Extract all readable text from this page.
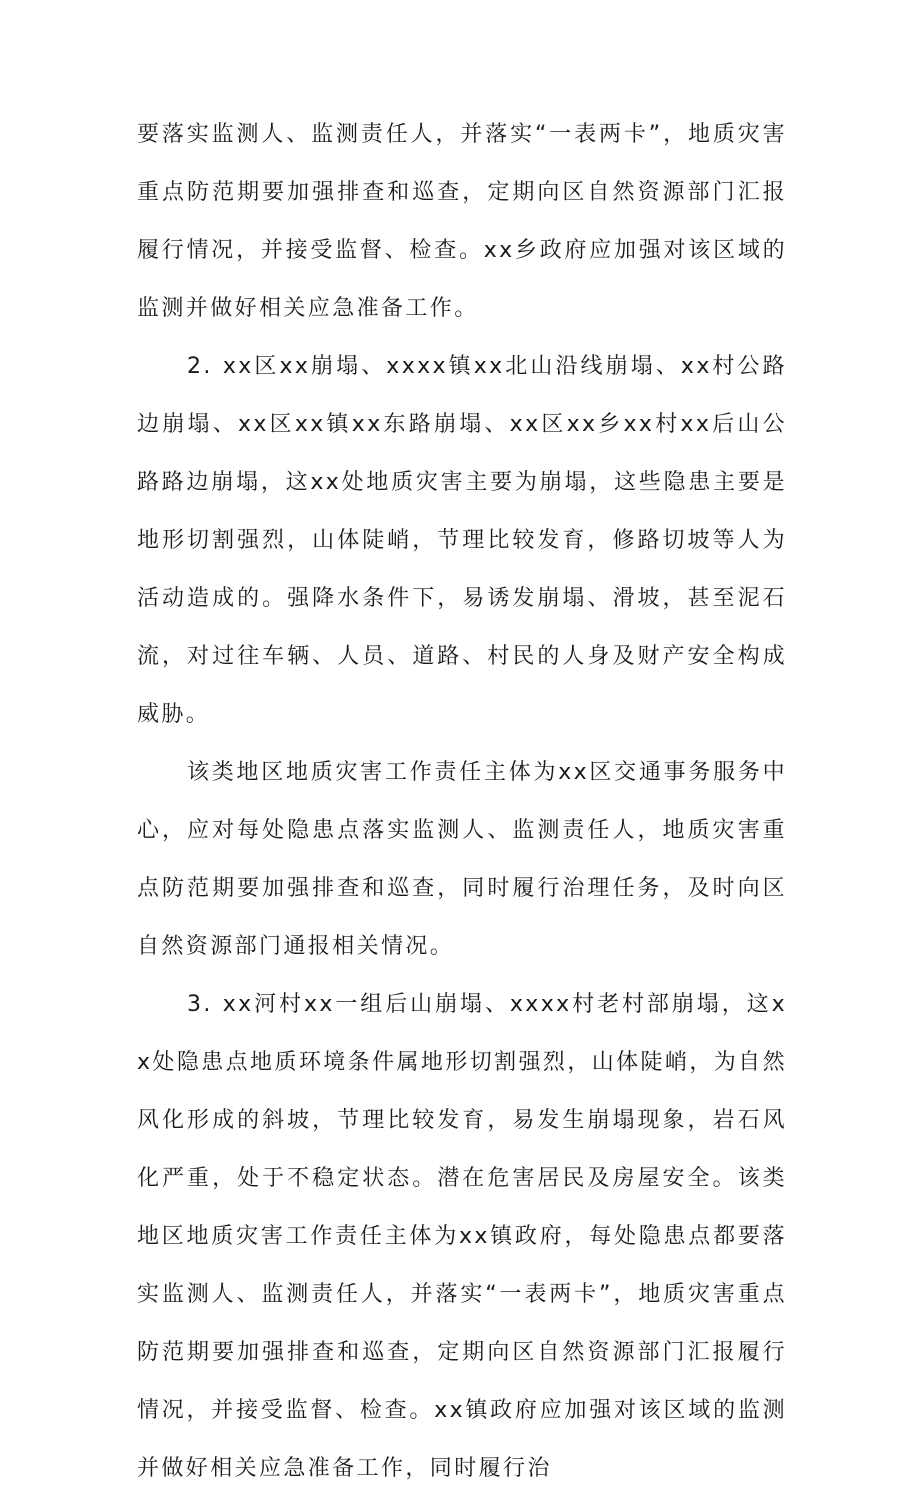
要落实监测人、监测责任人，并落实“一表两卡”，地质灾害重点防范期要加强排查和巡查，定期向区自然资源部门汇报履行情况，并接受监督、检查。xx乡政府应加强对该区域的监测并做好相关应急准备工作。

2. xx区xx崩塌、xxxx镇xx北山沿线崩塌、xx村公路边崩塌、xx区xx镇xx东路崩塌、xx区xx乡xx村xx后山公路路边崩塌，这xx处地质灾害主要为崩塌，这些隐患主要是地形切割强烈，山体陡峭，节理比较发育，修路切坡等人为活动造成的。强降水条件下，易诱发崩塌、滑坡，甚至泥石流，对过往车辆、人员、道路、村民的人身及财产安全构成威胁。

该类地区地质灾害工作责任主体为xx区交通事务服务中心，应对每处隐患点落实监测人、监测责任人，地质灾害重点防范期要加强排查和巡查，同时履行治理任务，及时向区自然资源部门通报相关情况。

3. xx河村xx一组后山崩塌、xxxx村老村部崩塌，这xx处隐患点地质环境条件属地形切割强烈，山体陡峭，为自然风化形成的斜坡，节理比较发育，易发生崩塌现象，岩石风化严重，处于不稳定状态。潜在危害居民及房屋安全。该类地区地质灾害工作责任主体为xx镇政府，每处隐患点都要落实监测人、监测责任人，并落实“一表两卡”，地质灾害重点防范期要加强排查和巡查，定期向区自然资源部门汇报履行情况，并接受监督、检查。xx镇政府应加强对该区域的监测并做好相关应急准备工作，同时履行治
